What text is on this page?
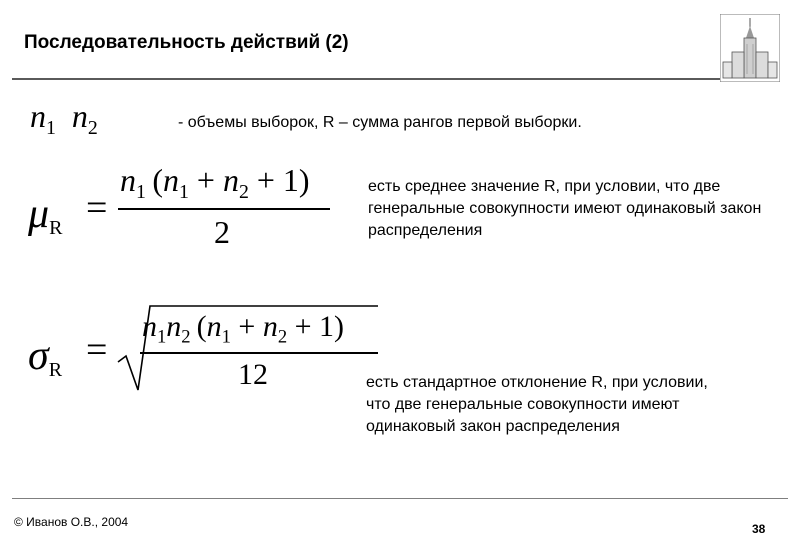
Последовательность действий (2)
$n_1$  $n_2$	- объемы выборок, R – сумма рангов первой выборки.
$\mu_R$ =
$n_1$ $(n_1 + n_2 + 1)$
2
есть среднее значение R, при условии, что две генеральные совокупности имеют одинаковый закон распределения
$\sigma_R$ =
$n_1n_2$ $(n_1 + n_2 + 1)$
12	есть стандартное отклонение R, при условии, что две генеральные совокупности имеют одинаковый закон распределения
© Иванов О.В., 2004	38
